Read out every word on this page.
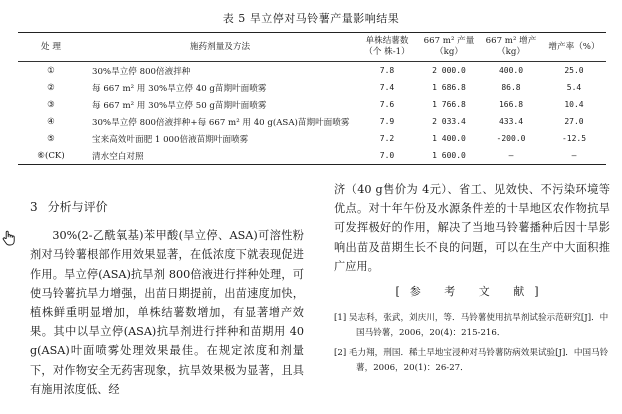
表 5 旱立停对马铃薯产量影响结果
处 理	施药剂量及方法	单株结薯数（个 株-1）	667 m² 产量（kg）	667 m² 增产（kg）	增产率（%）
①	30%旱立停 800倍液拌种	7.8	2 000.0	400.0	25.0
②	每 667 m² 用 30%旱立停 40 g苗期叶面喷雾	7.4	1 686.8	86.8	5.4
③	每 667 m² 用 30%旱立停 50 g苗期叶面喷雾	7.6	1 766.8	166.8	10.4
④	30%旱立停 800倍液拌种+每 667 m² 用 40 g(ASA)苗期叶面喷雾	7.9	2 033.4	433.4	27.0
⑤	宝来高效叶面肥 1 000倍液苗期叶面喷雾	7.2	1 400.0	-200.0	-12.5
⑥(CK)	清水空白对照	7.0	1 600.0	—	—
3 分析与评价

30%(2-乙酰氧基)苯甲酸(旱立停、ASA)可溶性粉剂对马铃薯根部作用效果显著，在低浓度下就表现促进作用。旱立停(ASA)抗旱剂 800倍液进行拌种处理，可使马铃薯抗旱力增强，出苗日期提前，出苗速度加快，植株鲜重明显增加，单株结薯数增加，有显著增产效果。其中以旱立停(ASA)抗旱剂进行拌种和苗期用 40 g(ASA)叶面喷雾处理效果最佳。在规定浓度和剂量下，对作物安全无药害现象，抗旱效果极为显著，且具有施用浓度低、经

济（40 g售价为 4元）、省工、见效快、不污染环境等优点。对十年午份及水源条件差的十旱地区农作物抗旱可发挥极好的作用，解决了当地马铃薯播种后因十旱影响出苗及苗期生长不良的问题，可以在生产中大面积推广应用。

[参 考 文 献]

[1] 吴志科，张武，刘庆川，等．马铃薯使用抗旱剂试验示范研究[J]．中国马铃薯，2006，20(4)：215-216．

[2] 毛力翔，刑国．稀土早地宝浸种对马铃薯防病效果试验[J]．中国马铃薯，2006，20(1)：26-27．
